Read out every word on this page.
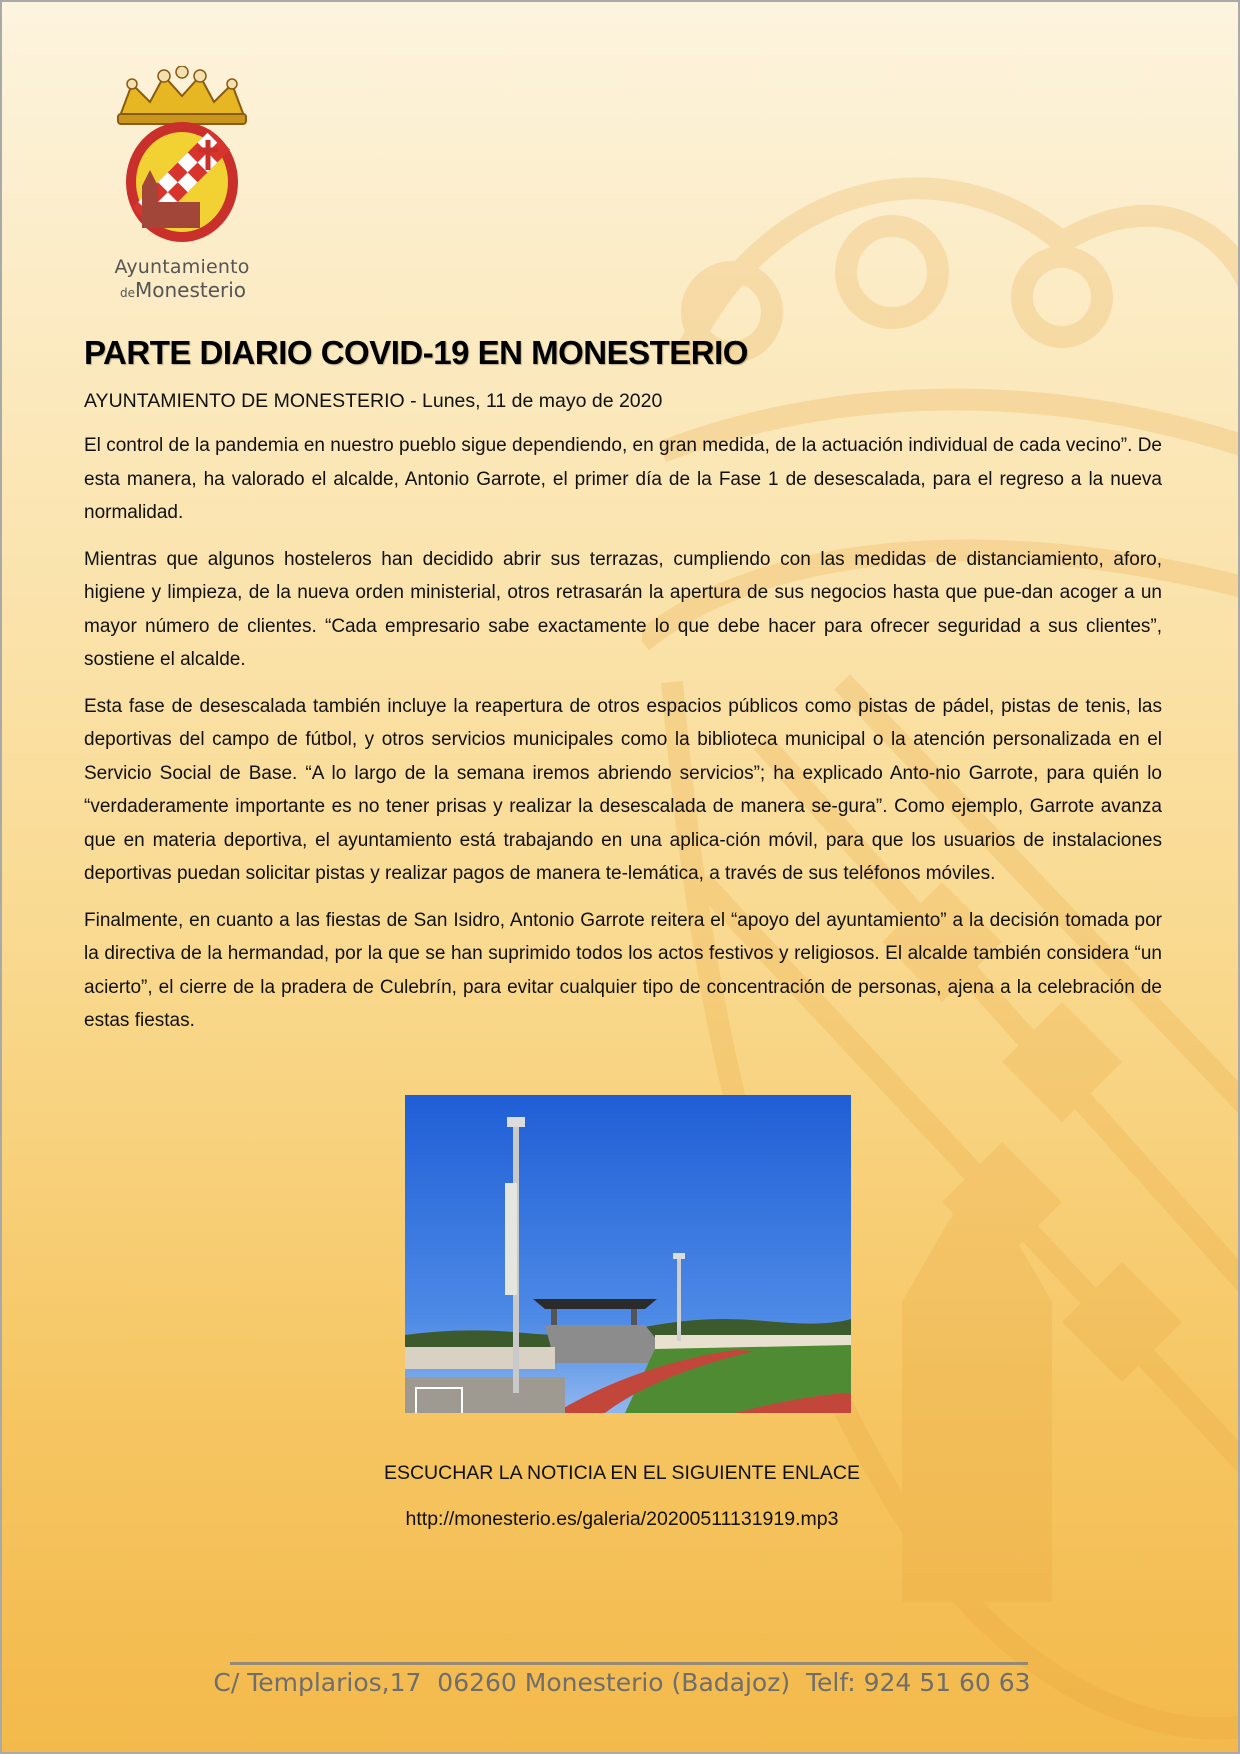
Ayuntamiento
deMonesterio
PARTE DIARIO COVID-19 EN MONESTERIO
AYUNTAMIENTO DE MONESTERIO - Lunes, 11 de mayo de 2020

El control de la pandemia en nuestro pueblo sigue dependiendo, en gran medida, de la actuación individual de cada vecino”. De esta manera, ha valorado el alcalde, Antonio Garrote, el primer día de la Fase 1 de desescalada, para el regreso a la nueva normalidad.

Mientras que algunos hosteleros han decidido abrir sus terrazas, cumpliendo con las medidas de distanciamiento, aforo, higiene y limpieza, de la nueva orden ministerial, otros retrasarán la apertura de sus negocios hasta que pue-dan acoger a un mayor número de clientes. “Cada empresario sabe exactamente lo que debe hacer para ofrecer seguridad a sus clientes”, sostiene el alcalde.

Esta fase de desescalada también incluye la reapertura de otros espacios públicos como pistas de pádel, pistas de tenis, las deportivas del campo de fútbol, y otros servicios municipales como la biblioteca municipal o la atención personalizada en el Servicio Social de Base. “A lo largo de la semana iremos abriendo servicios”; ha explicado Anto-nio Garrote, para quién lo “verdaderamente importante es no tener prisas y realizar la desescalada de manera se-gura”. Como ejemplo, Garrote avanza que en materia deportiva, el ayuntamiento está trabajando en una aplica-ción móvil, para que los usuarios de instalaciones deportivas puedan solicitar pistas y realizar pagos de manera te-lemática, a través de sus teléfonos móviles.

Finalmente, en cuanto a las fiestas de San Isidro, Antonio Garrote reitera el “apoyo del ayuntamiento” a la decisión tomada por la directiva de la hermandad, por la que se han suprimido todos los actos festivos y religiosos. El alcalde también considera “un acierto”, el cierre de la pradera de Culebrín, para evitar cualquier tipo de concentración de personas, ajena a la celebración de estas fiestas.

ESCUCHAR LA NOTICIA EN EL SIGUIENTE ENLACE
http://monesterio.es/galeria/20200511131919.mp3
C/ Templarios,17  06260 Monesterio (Badajoz)  Telf: 924 51 60 63
